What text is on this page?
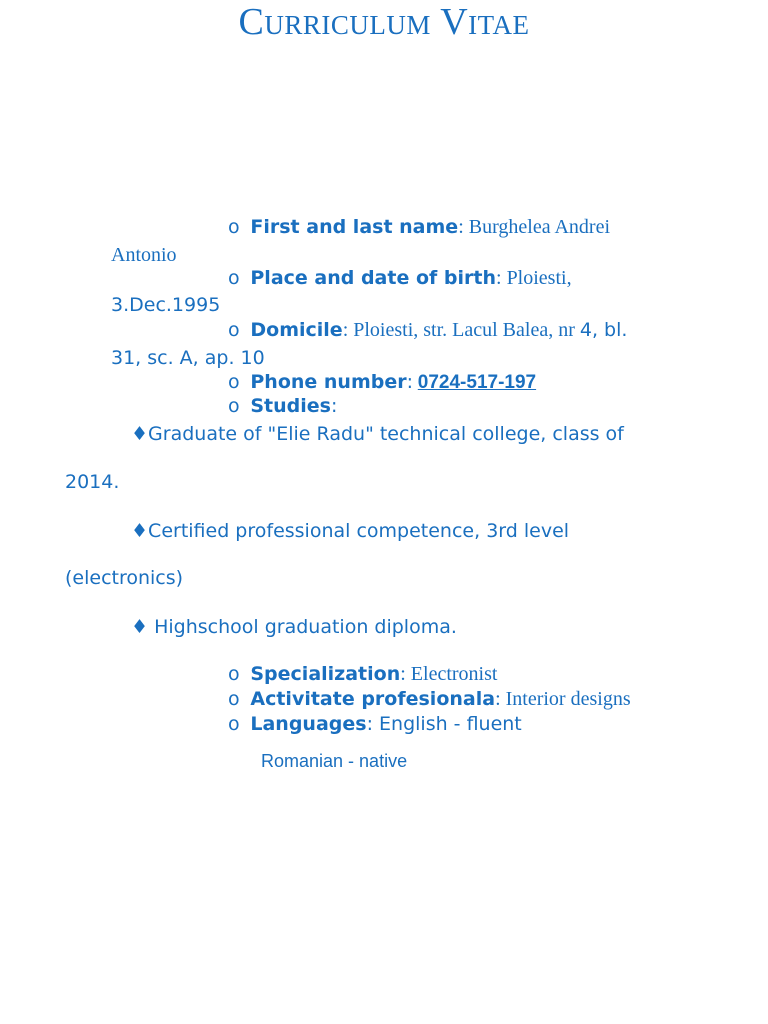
Curriculum Vitae
o First and last name: Burghelea Andrei
Antonio
o Place and date of birth: Ploiesti,
3.Dec.1995
o Domicile: Ploiesti, str. Lacul Balea, nr 4, bl.
31, sc. A, ap. 10
o Phone number: 0724-517-197
o Studies:
♦Graduate of "Elie Radu" technical college, class of
2014.
♦Certified professional competence, 3rd level
(electronics)
♦ Highschool graduation diploma.
o Specialization: Electronist
o Activitate profesionala: Interior designs
o Languages: English - fluent
Romanian - native
